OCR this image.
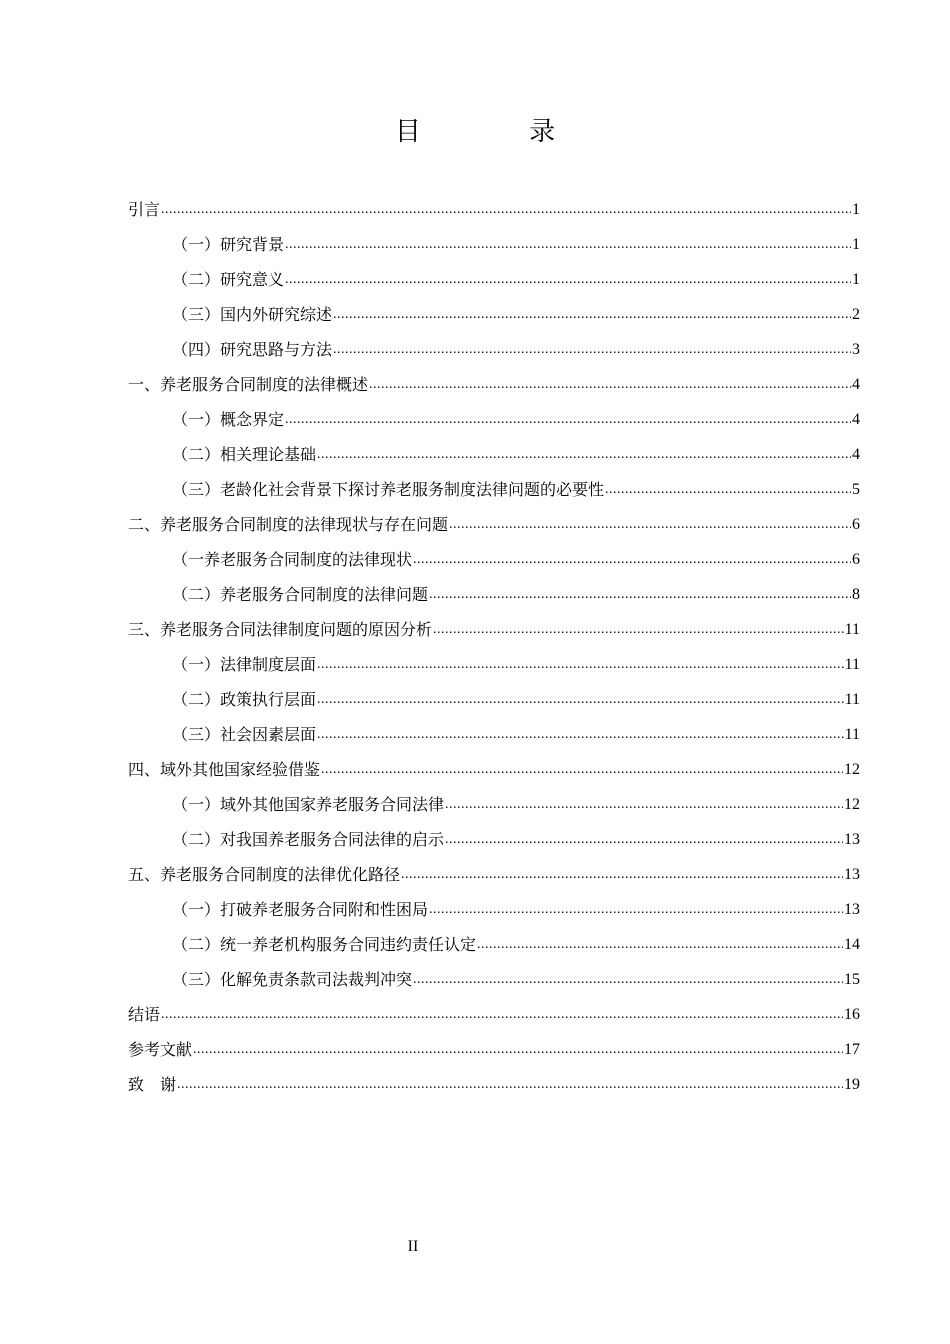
目 录
引言 .....	1
（一）研究背景 .....	1
（二）研究意义 .....	1
（三）国内外研究综述 .....	2
（四）研究思路与方法 .....	3
一、养老服务合同制度的法律概述 .....	4
（一）概念界定 .....	4
（二）相关理论基础 .....	4
（三）老龄化社会背景下探讨养老服务制度法律问题的必要性 .....	5
二、养老服务合同制度的法律现状与存在问题 .....	6
（一养老服务合同制度的法律现状 .....	6
（二）养老服务合同制度的法律问题 .....	8
三、养老服务合同法律制度问题的原因分析 .....	11
（一）法律制度层面 .....	11
（二）政策执行层面 .....	11
（三）社会因素层面 .....	11
四、域外其他国家经验借鉴 .....	12
（一）域外其他国家养老服务合同法律 .....	12
（二）对我国养老服务合同法律的启示 .....	13
五、养老服务合同制度的法律优化路径 .....	13
（一）打破养老服务合同附和性困局 .....	13
（二）统一养老机构服务合同违约责任认定 .....	14
（三）化解免责条款司法裁判冲突 .....	15
结语 .....	16
参考文献 .....	17
致　谢 .....	19
II
